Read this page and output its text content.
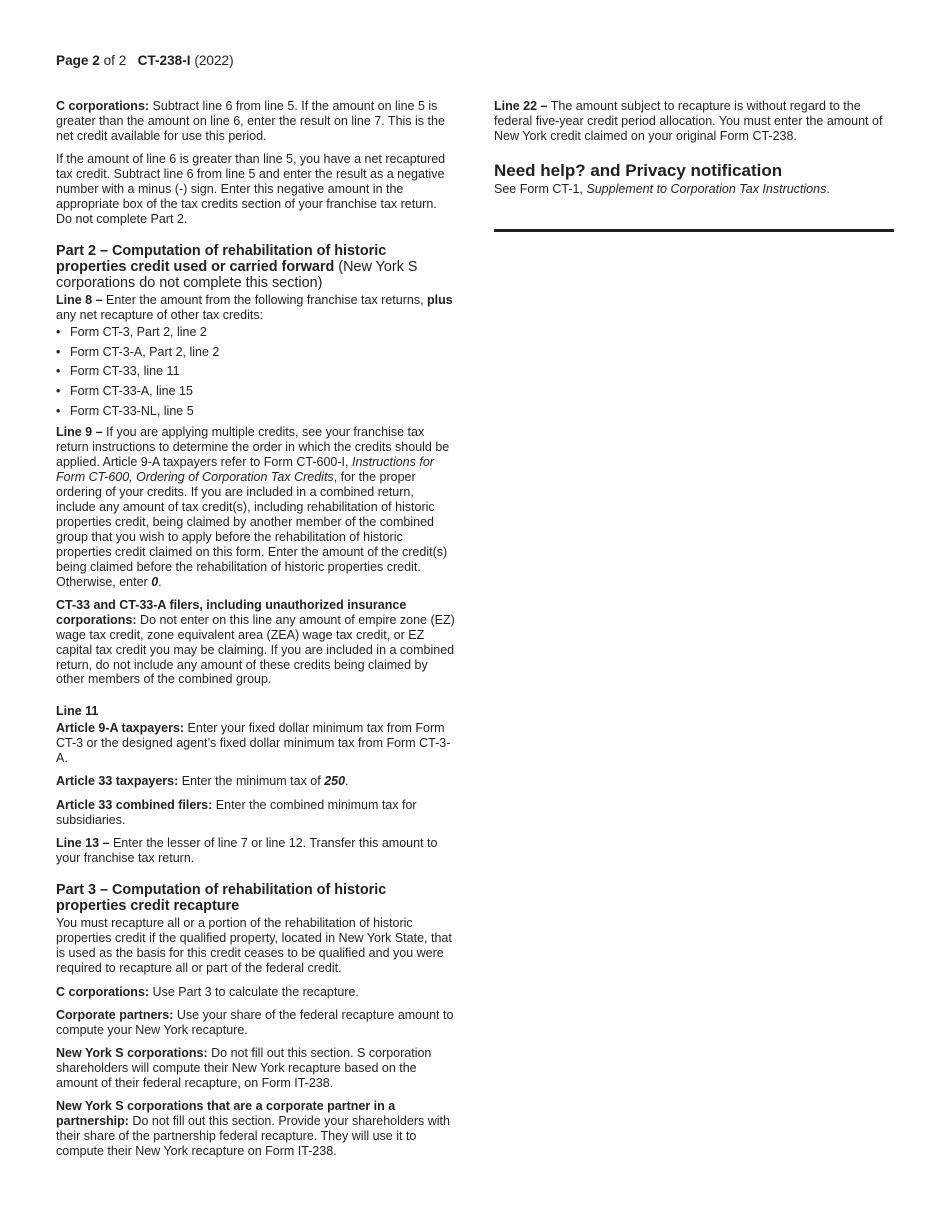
Page 2 of 2 CT-238-I (2022)

C corporations: Subtract line 6 from line 5. If the amount on line 5 is greater than the amount on line 6, enter the result on line 7. This is the net credit available for use this period.

If the amount of line 6 is greater than line 5, you have a net recaptured tax credit. Subtract line 6 from line 5 and enter the result as a negative number with a minus (-) sign. Enter this negative amount in the appropriate box of the tax credits section of your franchise tax return. Do not complete Part 2.

Part 2 – Computation of rehabilitation of historic properties credit used or carried forward (New York S corporations do not complete this section)

Line 8 – Enter the amount from the following franchise tax returns, plus any net recapture of other tax credits:

• Form CT-3, Part 2, line 2
• Form CT-3-A, Part 2, line 2
• Form CT-33, line 11
• Form CT-33-A, line 15
• Form CT-33-NL, line 5

Line 9 – If you are applying multiple credits, see your franchise tax return instructions to determine the order in which the credits should be applied. Article 9-A taxpayers refer to Form CT-600-I, Instructions for Form CT-600, Ordering of Corporation Tax Credits, for the proper ordering of your credits. If you are included in a combined return, include any amount of tax credit(s), including rehabilitation of historic properties credit, being claimed by another member of the combined group that you wish to apply before the rehabilitation of historic properties credit claimed on this form. Enter the amount of the credit(s) being claimed before the rehabilitation of historic properties credit. Otherwise, enter 0.

CT-33 and CT-33-A filers, including unauthorized insurance corporations: Do not enter on this line any amount of empire zone (EZ) wage tax credit, zone equivalent area (ZEA) wage tax credit, or EZ capital tax credit you may be claiming. If you are included in a combined return, do not include any amount of these credits being claimed by other members of the combined group.

Line 11

Article 9-A taxpayers: Enter your fixed dollar minimum tax from Form CT-3 or the designed agent’s fixed dollar minimum tax from Form CT-3-A.

Article 33 taxpayers: Enter the minimum tax of 250.

Article 33 combined filers: Enter the combined minimum tax for subsidiaries.

Line 13 – Enter the lesser of line 7 or line 12. Transfer this amount to your franchise tax return.

Part 3 – Computation of rehabilitation of historic properties credit recapture

You must recapture all or a portion of the rehabilitation of historic properties credit if the qualified property, located in New York State, that is used as the basis for this credit ceases to be qualified and you were required to recapture all or part of the federal credit.

C corporations: Use Part 3 to calculate the recapture.

Corporate partners: Use your share of the federal recapture amount to compute your New York recapture.

New York S corporations: Do not fill out this section. S corporation shareholders will compute their New York recapture based on the amount of their federal recapture, on Form IT-238.

New York S corporations that are a corporate partner in a partnership: Do not fill out this section. Provide your shareholders with their share of the partnership federal recapture. They will use it to compute their New York recapture on Form IT-238.

Line 22 – The amount subject to recapture is without regard to the federal five-year credit period allocation. You must enter the amount of New York credit claimed on your original Form CT-238.

Need help? and Privacy notification

See Form CT-1, Supplement to Corporation Tax Instructions.
